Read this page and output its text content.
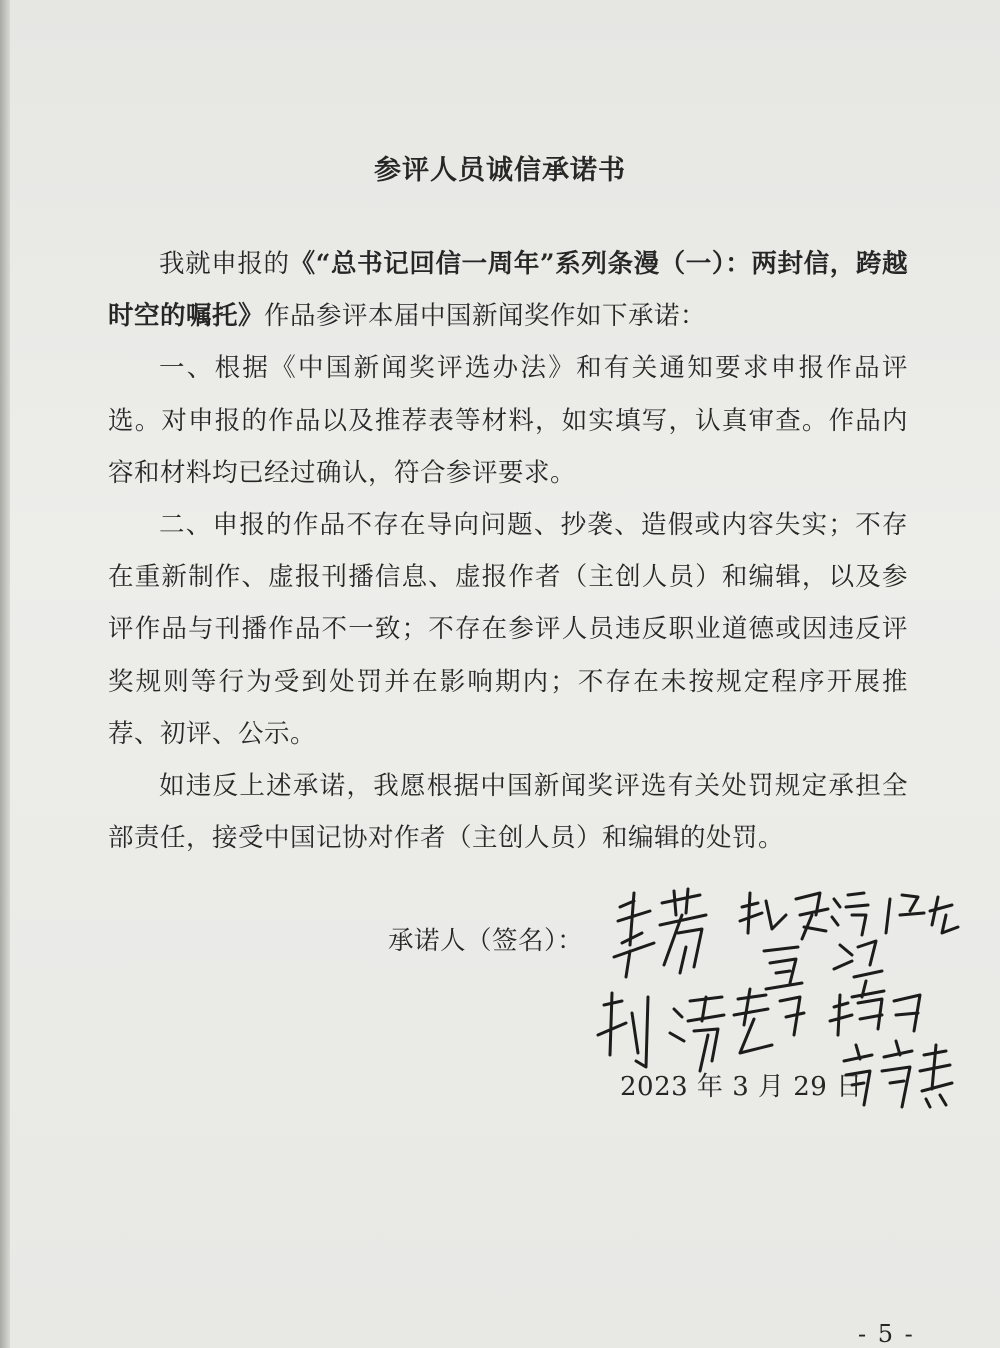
参评人员诚信承诺书

我就申报的《“总书记回信一周年”系列条漫（一）：两封信，跨越时空的嘱托》作品参评本届中国新闻奖作如下承诺：

一、根据《中国新闻奖评选办法》和有关通知要求申报作品评选。对申报的作品以及推荐表等材料，如实填写，认真审查。作品内容和材料均已经过确认，符合参评要求。

二、申报的作品不存在导向问题、抄袭、造假或内容失实；不存在重新制作、虚报刊播信息、虚报作者（主创人员）和编辑，以及参评作品与刊播作品不一致；不存在参评人员违反职业道德或因违反评奖规则等行为受到处罚并在影响期内；不存在未按规定程序开展推荐、初评、公示。

如违反上述承诺，我愿根据中国新闻奖评选有关处罚规定承担全部责任，接受中国记协对作者（主创人员）和编辑的处罚。

承诺人（签名）：
2023 年 3 月 29 日
- 5 -
